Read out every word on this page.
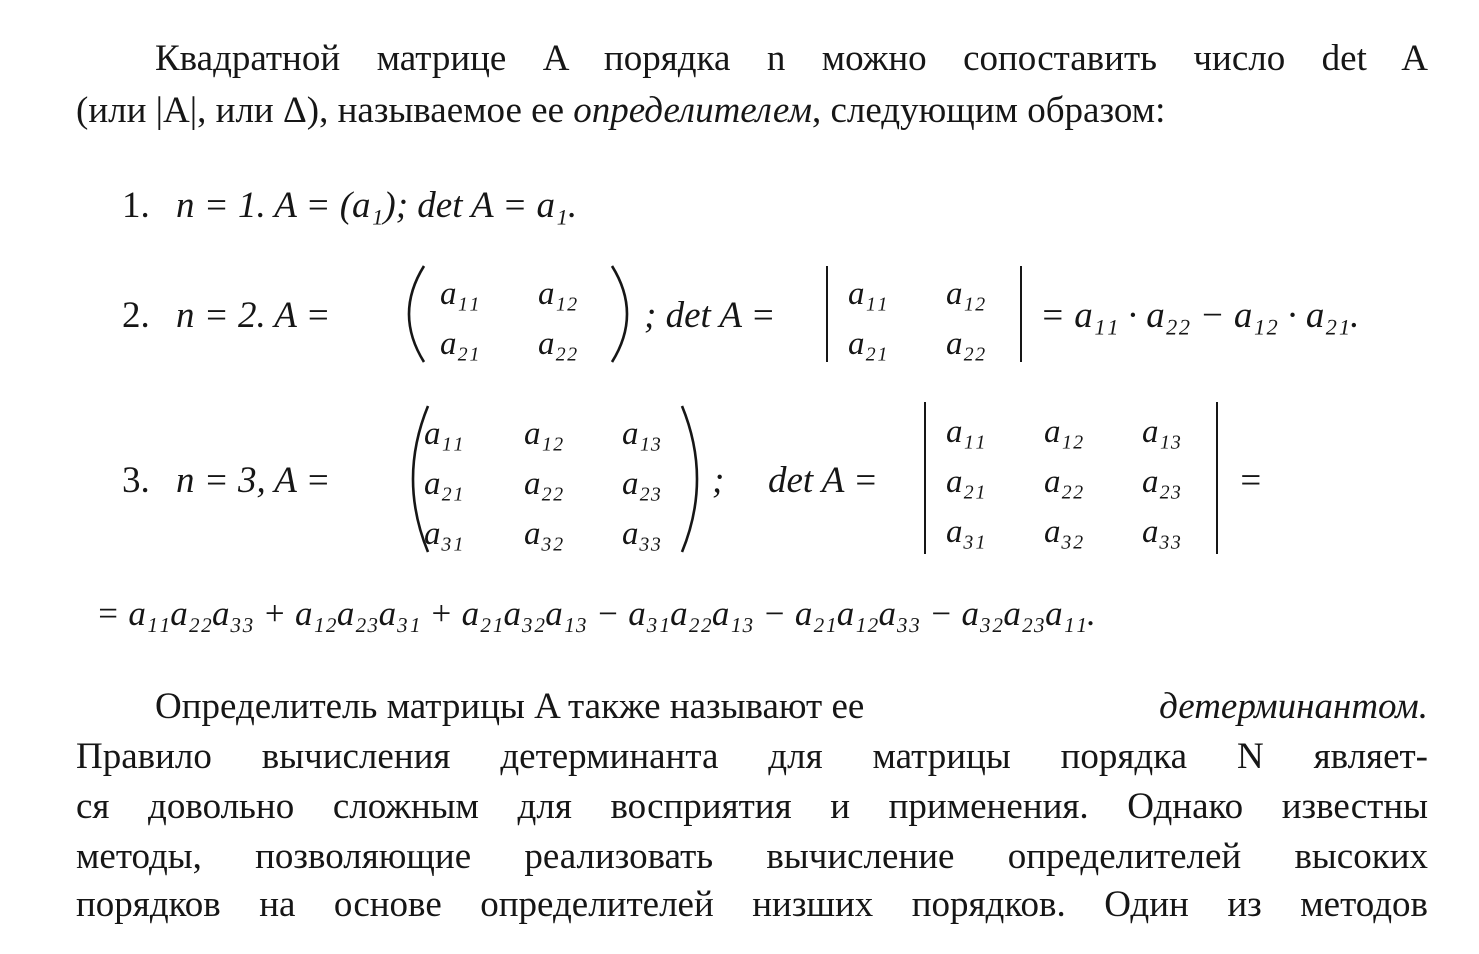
Квадратной матрице A порядка n можно сопоставить число det A
(или |A|, или Δ), называемое ее определителем, следующим образом:
1. n = 1. A = (a₁); det A = a₁.
2. n = 2. A =
a₁₁ a₁₂
a₂₁ a₂₂
; det A =
a₁₁ a₁₂
a₂₁ a₂₂
= a₁₁ · a₂₂ − a₁₂ · a₂₁.
3. n = 3, A =
a₁₁ a₁₂ a₁₃
a₂₁ a₂₂ a₂₃
a₃₁ a₃₂ a₃₃
; det A =
a₁₁ a₁₂ a₁₃
a₂₁ a₂₂ a₂₃
a₃₁ a₃₂ a₃₃
=
= a₁₁a₂₂a₃₃ + a₁₂a₂₃a₃₁ + a₂₁a₃₂a₁₃ − a₃₁a₂₂a₁₃ − a₂₁a₁₂a₃₃ − a₃₂a₂₃a₁₁.
Определитель матрицы A также называют ее	детерминантом.
Правило вычисления детерминанта для матрицы порядка N являет-
ся довольно сложным для восприятия и применения. Однако известны
методы, позволяющие реализовать вычисление определителей высоких
порядков на основе определителей низших порядков. Один из методов
